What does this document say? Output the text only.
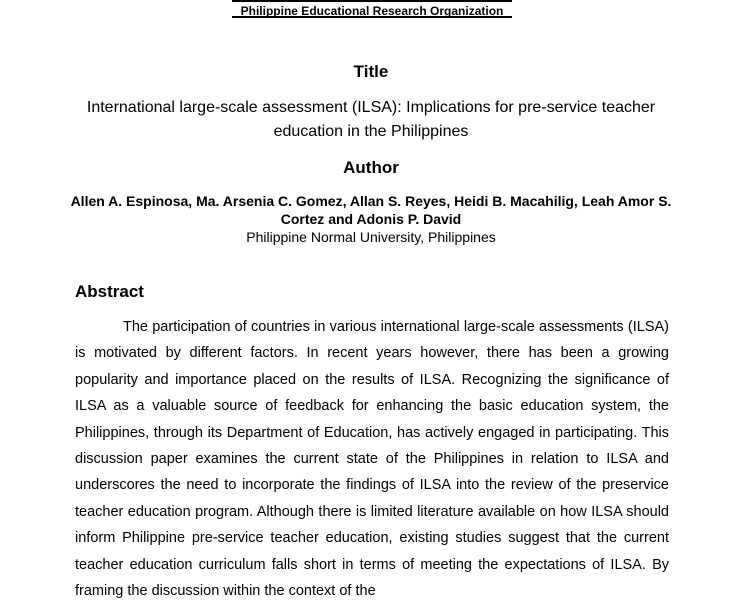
Philippine Educational Research Organization
Title
International large-scale assessment (ILSA): Implications for pre-service teacher education in the Philippines
Author
Allen A. Espinosa, Ma. Arsenia C. Gomez, Allan S. Reyes, Heidi B. Macahilig, Leah Amor S. Cortez and Adonis P. David
Philippine Normal University, Philippines
Abstract

The participation of countries in various international large-scale assessments (ILSA) is motivated by different factors. In recent years however, there has been a growing popularity and importance placed on the results of ILSA. Recognizing the significance of ILSA as a valuable source of feedback for enhancing the basic education system, the Philippines, through its Department of Education, has actively engaged in participating. This discussion paper examines the current state of the Philippines in relation to ILSA and underscores the need to incorporate the findings of ILSA into the review of the preservice teacher education program. Although there is limited literature available on how ILSA should inform Philippine pre-service teacher education, existing studies suggest that the current teacher education curriculum falls short in terms of meeting the expectations of ILSA. By framing the discussion within the context of the
